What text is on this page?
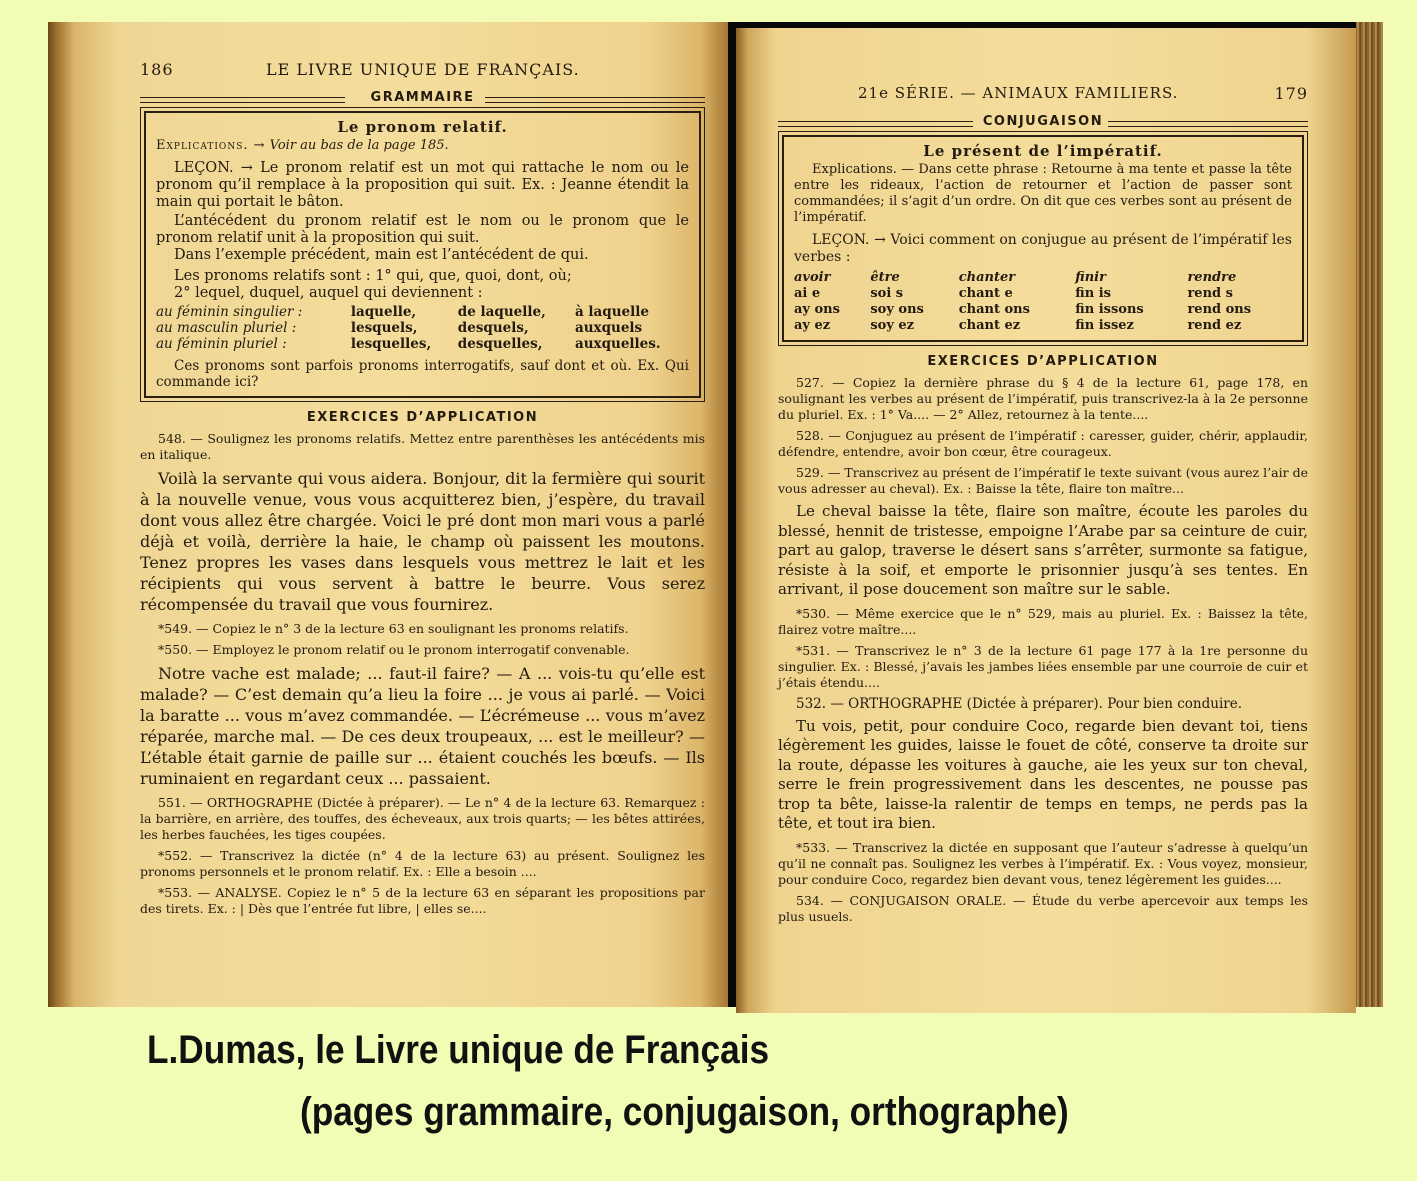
186	LE LIVRE UNIQUE DE FRANÇAIS.
GRAMMAIRE
Le pronom relatif.
Explications. → Voir au bas de la page 185.
LEÇON. → Le pronom relatif est un mot qui rattache le nom ou le pronom qu’il remplace à la proposition qui suit. Ex. : Jeanne étendit la main qui portait le bâton.
L’antécédent du pronom relatif est le nom ou le pronom que le pronom relatif unit à la proposition qui suit.
Dans l’exemple précédent, main est l’antécédent de qui.
Les pronoms relatifs sont : 1° qui, que, quoi, dont, où;
2° lequel, duquel, auquel qui deviennent :
au féminin singulier :	laquelle,	de laquelle,	à laquelle
au masculin pluriel :	lesquels,	desquels,	auxquels
au féminin pluriel :	lesquelles,	desquelles,	auxquelles.
Ces pronoms sont parfois pronoms interrogatifs, sauf dont et où. Ex. Qui commande ici?
EXERCICES D’APPLICATION

548. — Soulignez les pronoms relatifs. Mettez entre parenthèses les antécédents mis en italique.

Voilà la servante qui vous aidera. Bonjour, dit la fermière qui sourit à la nouvelle venue, vous vous acquitterez bien, j’espère, du travail dont vous allez être chargée. Voici le pré dont mon mari vous a parlé déjà et voilà, derrière la haie, le champ où paissent les moutons. Tenez propres les vases dans lesquels vous mettrez le lait et les récipients qui vous servent à battre le beurre. Vous serez récompensée du travail que vous fournirez.

*549. — Copiez le n° 3 de la lecture 63 en soulignant les pronoms relatifs.

*550. — Employez le pronom relatif ou le pronom interrogatif convenable.

Notre vache est malade; ... faut-il faire? — A ... vois-tu qu’elle est malade? — C’est demain qu’a lieu la foire ... je vous ai parlé. — Voici la baratte ... vous m’avez commandée. — L’écrémeuse ... vous m’avez réparée, marche mal. — De ces deux troupeaux, ... est le meilleur? — L’étable était garnie de paille sur ... étaient couchés les bœufs. — Ils ruminaient en regardant ceux ... passaient.

551. — ORTHOGRAPHE (Dictée à préparer). — Le n° 4 de la lecture 63. Remarquez : la barrière, en arrière, des touffes, des écheveaux, aux trois quarts; — les bêtes attirées, les herbes fauchées, les tiges coupées.

*552. — Transcrivez la dictée (n° 4 de la lecture 63) au présent. Soulignez les pronoms personnels et le pronom relatif. Ex. : Elle a besoin ....

*553. — ANALYSE. Copiez le n° 5 de la lecture 63 en séparant les propositions par des tirets. Ex. : | Dès que l’entrée fut libre, | elles se....

21e SÉRIE. — ANIMAUX FAMILIERS.	179
CONJUGAISON
Le présent de l’impératif.
Explications. — Dans cette phrase : Retourne à ma tente et passe la tête entre les rideaux, l’action de retourner et l’action de passer sont commandées; il s’agit d’un ordre. On dit que ces verbes sont au présent de l’impératif.
LEÇON. → Voici comment on conjugue au présent de l’impératif les verbes :
avoir	être	chanter	finir	rendre
ai e	soi s	chant e	fin is	rend s
ay ons	soy ons	chant ons	fin issons	rend ons
ay ez	soy ez	chant ez	fin issez	rend ez
EXERCICES D’APPLICATION

527. — Copiez la dernière phrase du § 4 de la lecture 61, page 178, en soulignant les verbes au présent de l’impératif, puis transcrivez-la à la 2e personne du pluriel. Ex. : 1° Va.... — 2° Allez, retournez à la tente....

528. — Conjuguez au présent de l’impératif : caresser, guider, chérir, applaudir, défendre, entendre, avoir bon cœur, être courageux.

529. — Transcrivez au présent de l’impératif le texte suivant (vous aurez l’air de vous adresser au cheval). Ex. : Baisse la tête, flaire ton maître...

Le cheval baisse la tête, flaire son maître, écoute les paroles du blessé, hennit de tristesse, empoigne l’Arabe par sa ceinture de cuir, part au galop, traverse le désert sans s’arrêter, surmonte sa fatigue, résiste à la soif, et emporte le prisonnier jusqu’à ses tentes. En arrivant, il pose doucement son maître sur le sable.

*530. — Même exercice que le n° 529, mais au pluriel. Ex. : Baissez la tête, flairez votre maître....

*531. — Transcrivez le n° 3 de la lecture 61 page 177 à la 1re personne du singulier. Ex. : Blessé, j’avais les jambes liées ensemble par une courroie de cuir et j’étais étendu....

532. — ORTHOGRAPHE (Dictée à préparer). Pour bien conduire.

Tu vois, petit, pour conduire Coco, regarde bien devant toi, tiens légèrement les guides, laisse le fouet de côté, conserve ta droite sur la route, dépasse les voitures à gauche, aie les yeux sur ton cheval, serre le frein progressivement dans les descentes, ne pousse pas trop ta bête, laisse-la ralentir de temps en temps, ne perds pas la tête, et tout ira bien.

*533. — Transcrivez la dictée en supposant que l’auteur s’adresse à quelqu’un qu’il ne connaît pas. Soulignez les verbes à l’impératif. Ex. : Vous voyez, monsieur, pour conduire Coco, regardez bien devant vous, tenez légèrement les guides....

534. — CONJUGAISON ORALE. — Étude du verbe apercevoir aux temps les plus usuels.

L.Dumas, le Livre unique de Français
(pages grammaire, conjugaison, orthographe)
